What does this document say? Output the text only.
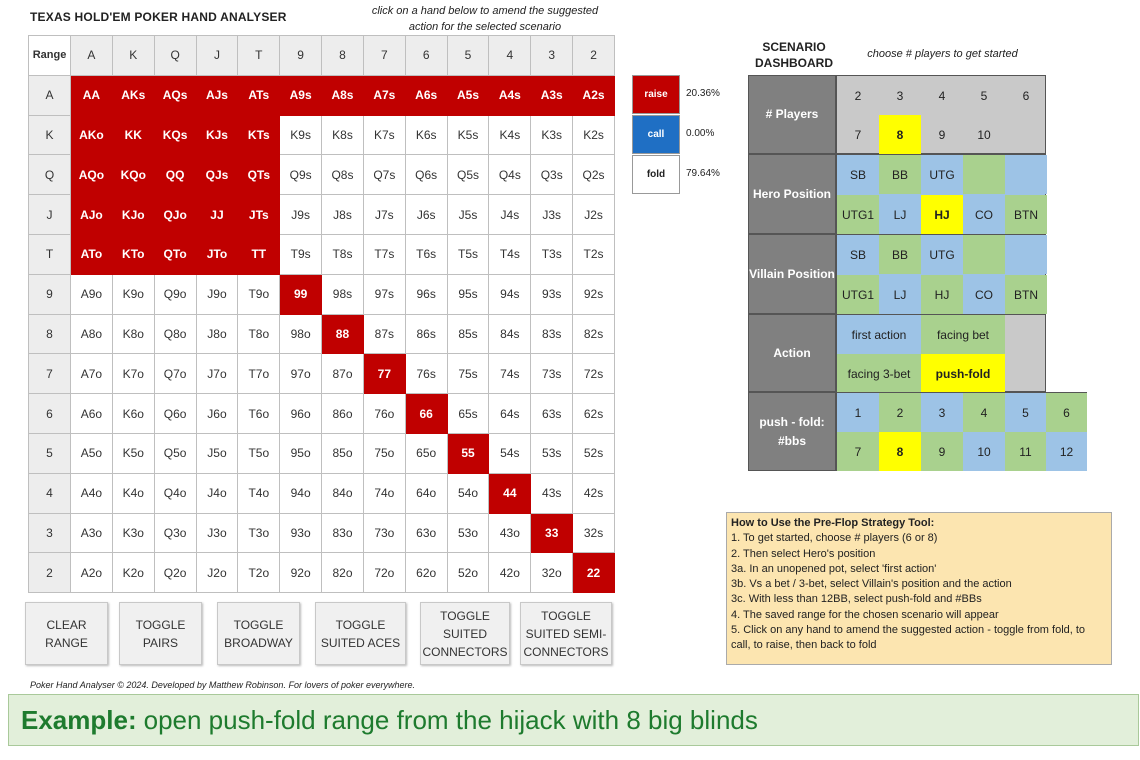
TEXAS HOLD'EM POKER HAND ANALYSER	click on a hand below to amend the suggested action for the selected scenario
Range	A	K	Q	J	T	9	8	7	6	5	4	3	2
A	AA	AKs	AQs	AJs	ATs	A9s	A8s	A7s	A6s	A5s	A4s	A3s	A2s
K	AKo	KK	KQs	KJs	KTs	K9s	K8s	K7s	K6s	K5s	K4s	K3s	K2s
Q	AQo	KQo	QQ	QJs	QTs	Q9s	Q8s	Q7s	Q6s	Q5s	Q4s	Q3s	Q2s
J	AJo	KJo	QJo	JJ	JTs	J9s	J8s	J7s	J6s	J5s	J4s	J3s	J2s
T	ATo	KTo	QTo	JTo	TT	T9s	T8s	T7s	T6s	T5s	T4s	T3s	T2s
9	A9o	K9o	Q9o	J9o	T9o	99	98s	97s	96s	95s	94s	93s	92s
8	A8o	K8o	Q8o	J8o	T8o	98o	88	87s	86s	85s	84s	83s	82s
7	A7o	K7o	Q7o	J7o	T7o	97o	87o	77	76s	75s	74s	73s	72s
6	A6o	K6o	Q6o	J6o	T6o	96o	86o	76o	66	65s	64s	63s	62s
5	A5o	K5o	Q5o	J5o	T5o	95o	85o	75o	65o	55	54s	53s	52s
4	A4o	K4o	Q4o	J4o	T4o	94o	84o	74o	64o	54o	44	43s	42s
3	A3o	K3o	Q3o	J3o	T3o	93o	83o	73o	63o	53o	43o	33	32s
2	A2o	K2o	Q2o	J2o	T2o	92o	82o	72o	62o	52o	42o	32o	22
raise	20.36%
call	0.00%
fold	79.64%
SCENARIO DASHBOARD
choose # players to get started
# Players
2	3	4	5	6
7	8	9	10
Hero Position
SB	BB	UTG
UTG1	LJ	HJ	CO	BTN
Villain Position
SB	BB	UTG
UTG1	LJ	HJ	CO	BTN
Action
first action	facing bet
facing 3-bet	push-fold
push - fold: #bbs
1	2	3	4	5	6
7	8	9	10	11	12
How to Use the Pre-Flop Strategy Tool:
1. To get started, choose # players (6 or 8)
2. Then select Hero's position
3a. In an unopened pot, select 'first action'
3b. Vs a bet / 3-bet, select Villain's position and the action
3c. With less than 12BB, select push-fold and #BBs
4. The saved range for the chosen scenario will appear
5. Click on any hand to amend the suggested action - toggle from fold, to call, to raise, then back to fold
CLEAR
RANGE
TOGGLE
PAIRS
TOGGLE
BROADWAY
TOGGLE
SUITED ACES
TOGGLE
SUITED
CONNECTORS
TOGGLE
SUITED SEMI-
CONNECTORS
Poker Hand Analyser © 2024. Developed by Matthew Robinson. For lovers of poker everywhere.
Example: open push-fold range from the hijack with 8 big blinds
